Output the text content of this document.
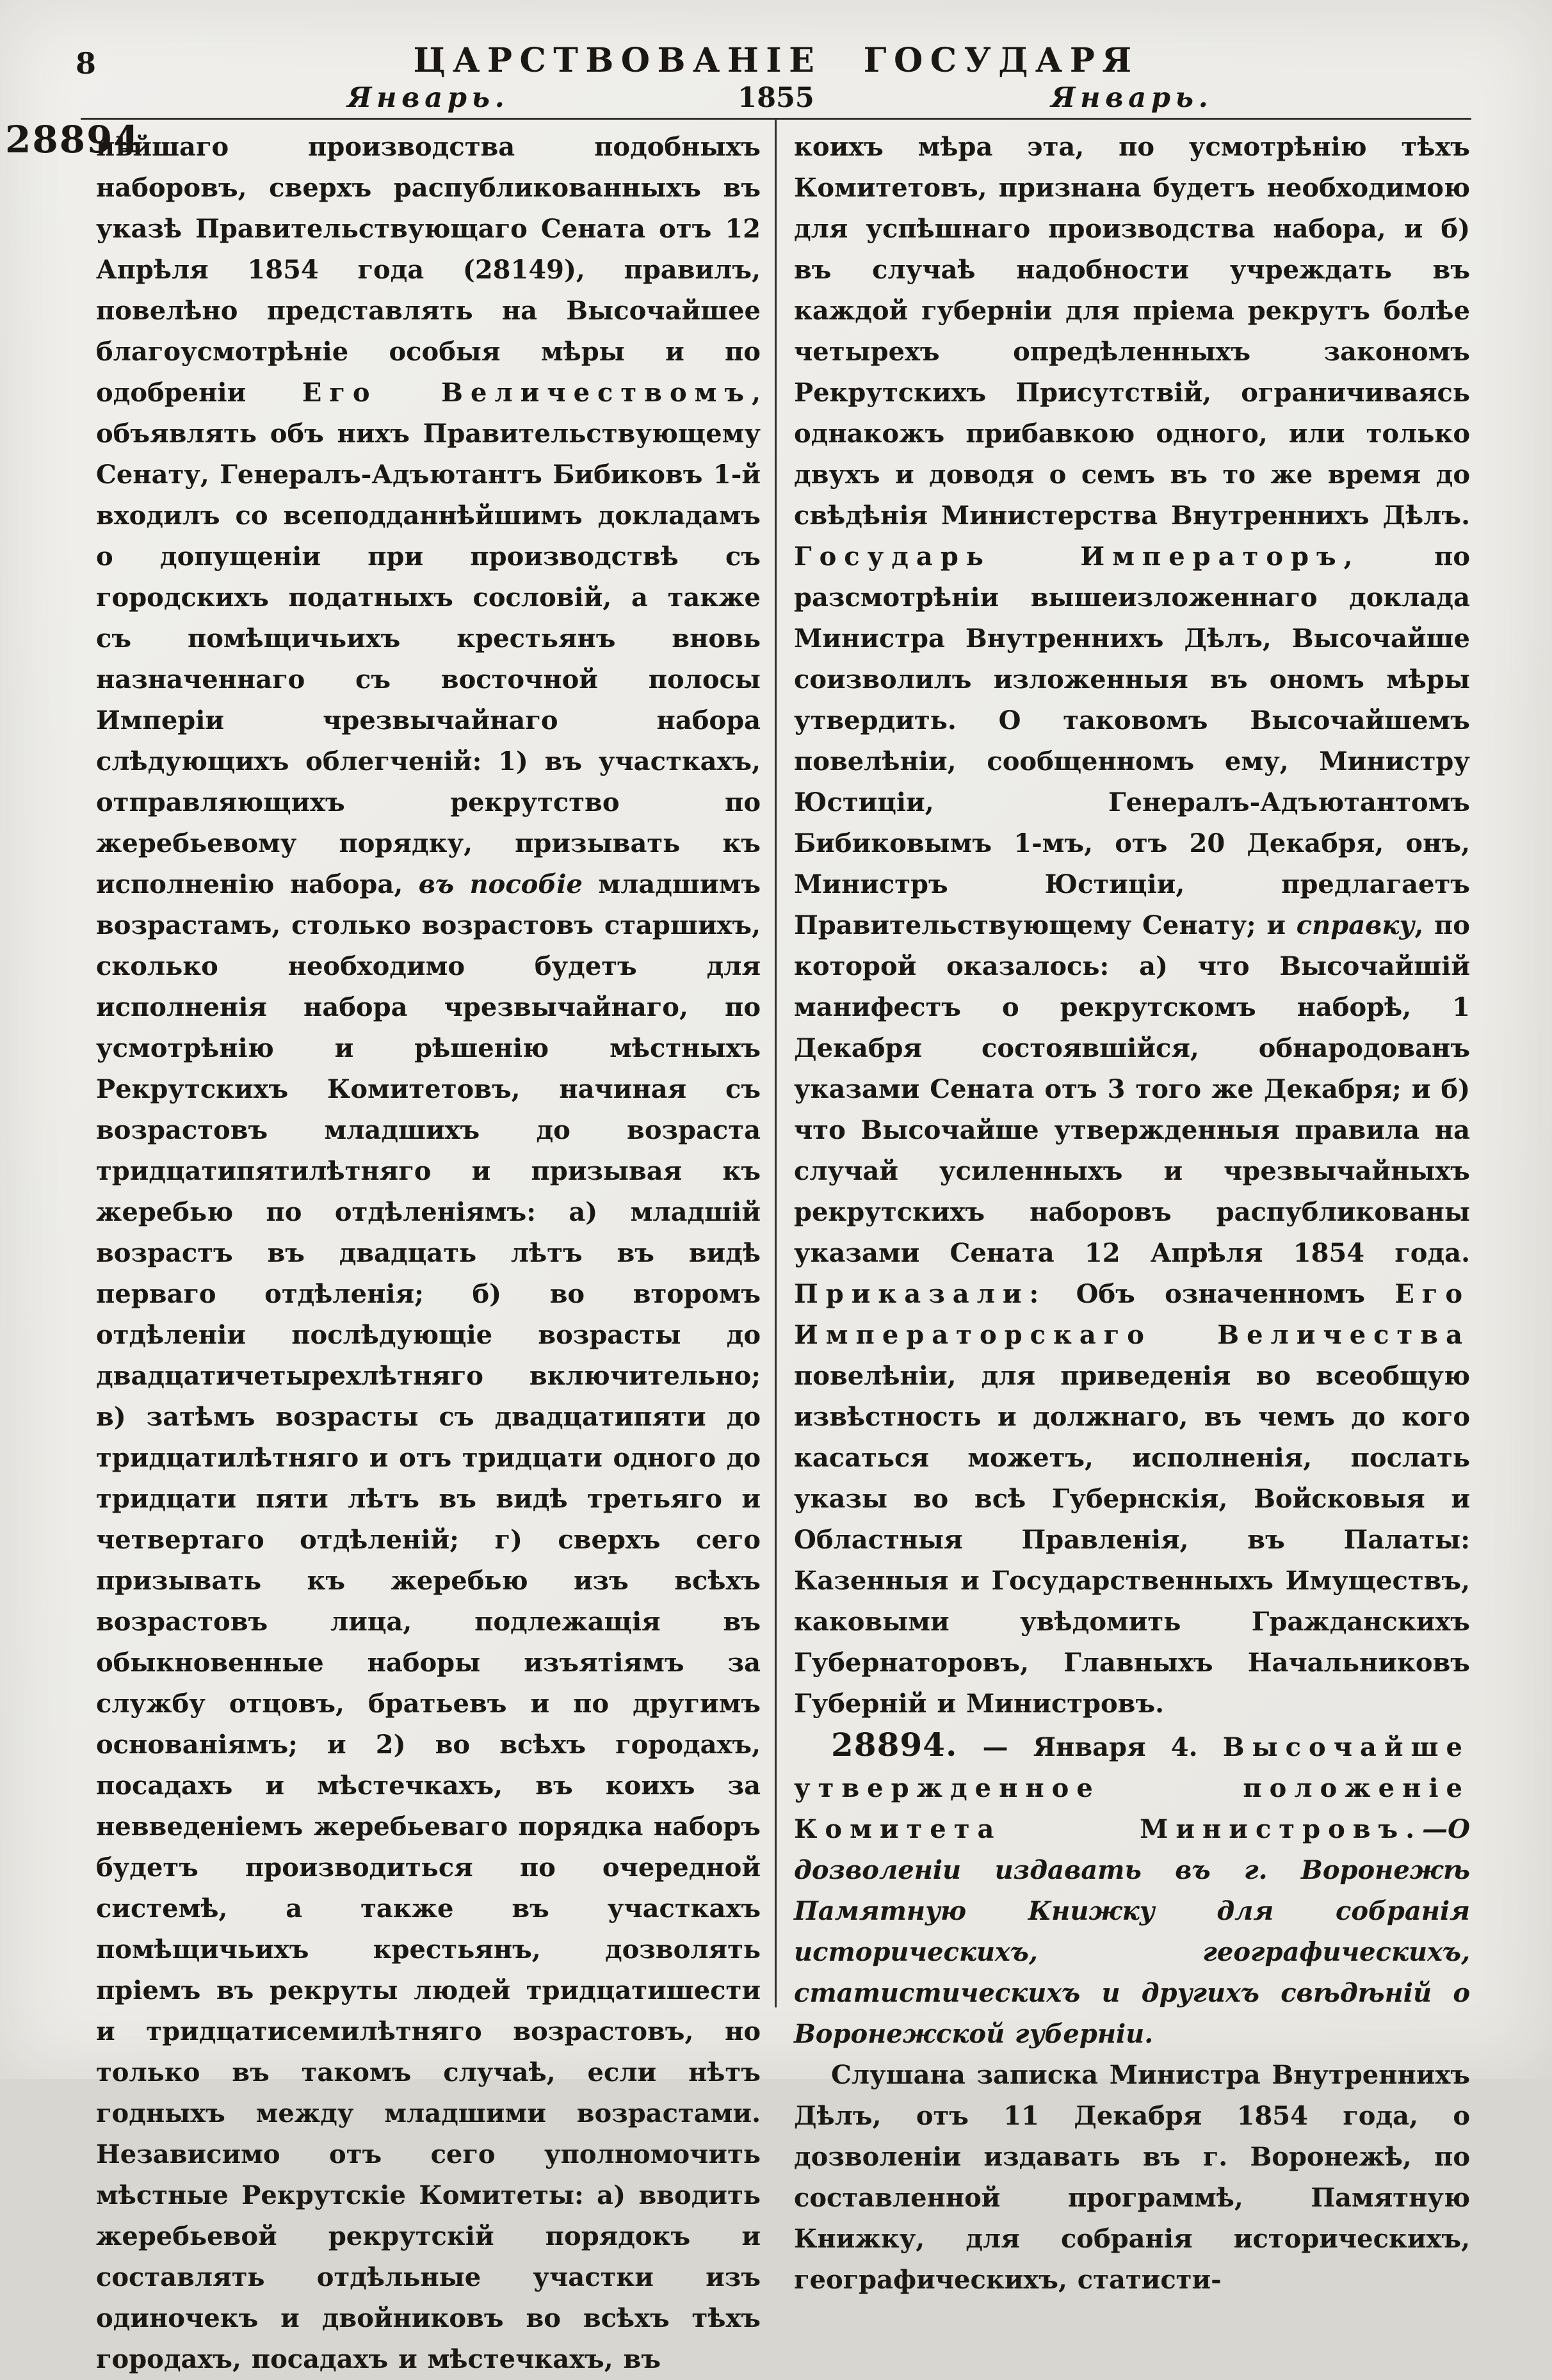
8	ЦАРСТВОВАНІЕ ГОСУДАРЯ
Январь.	1855	Январь.
28894

нѣйшаго производства подобныхъ наборовъ, сверхъ распубликованныхъ въ указѣ Правительствующаго Сената отъ 12 Апрѣля 1854 года (28149), правилъ, повелѣно представлять на Высочайшее благоусмотрѣніе особыя мѣры и по одобреніи Его Величествомъ, объявлять объ нихъ Правительствующему Сенату, Генералъ-Адъютантъ Бибиковъ 1-й входилъ со всеподданнѣйшимъ докладамъ о допущеніи при производствѣ съ городскихъ податныхъ сословій, а также съ помѣщичьихъ крестьянъ вновь назначеннаго съ восточной полосы Имперіи чрезвычайнаго набора слѣдующихъ облегченій: 1) въ участкахъ, отправляющихъ рекрутство по жеребьевому порядку, призывать къ исполненію набора, въ пособіе младшимъ возрастамъ, столько возрастовъ старшихъ, сколько необходимо будетъ для исполненія набора чрезвычайнаго, по усмотрѣнію и рѣшенію мѣстныхъ Рекрутскихъ Комитетовъ, начиная съ возрастовъ младшихъ до возраста тридцатипятилѣтняго и призывая къ жеребью по отдѣленіямъ: а) младшій возрастъ въ двадцать лѣтъ въ видѣ перваго отдѣленія; б) во второмъ отдѣленіи послѣдующіе возрасты до двадцатичетырехлѣтняго включительно; в) затѣмъ возрасты съ двадцатипяти до тридцатилѣтняго и отъ тридцати одного до тридцати пяти лѣтъ въ видѣ третьяго и четвертаго отдѣленій; г) сверхъ сего призывать къ жеребью изъ всѣхъ возрастовъ лица, подлежащія въ обыкновенные наборы изъятіямъ за службу отцовъ, братьевъ и по другимъ основаніямъ; и 2) во всѣхъ городахъ, посадахъ и мѣстечкахъ, въ коихъ за невведеніемъ жеребьеваго порядка наборъ будетъ производиться по очередной системѣ, а также въ участкахъ помѣщичьихъ крестьянъ, дозволять пріемъ въ рекруты людей тридцатишести и тридцатисемилѣтняго возрастовъ, но только въ такомъ случаѣ, если нѣтъ годныхъ между младшими возрастами. Независимо отъ сего уполномочить мѣстные Рекрутскіе Комитеты: а) вводить жеребьевой рекрутскій порядокъ и составлять отдѣльные участки изъ одиночекъ и двойниковъ во всѣхъ тѣхъ городахъ, посадахъ и мѣстечкахъ, въ

коихъ мѣра эта, по усмотрѣнію тѣхъ Комитетовъ, признана будетъ необходимою для успѣшнаго производства набора, и б) въ случаѣ надобности учреждать въ каждой губерніи для пріема рекрутъ болѣе четырехъ опредѣленныхъ закономъ Рекрутскихъ Присутствій, ограничиваясь однакожъ прибавкою одного, или только двухъ и доводя о семъ въ то же время до свѣдѣнія Министерства Внутреннихъ Дѣлъ. Государь Императоръ, по разсмотрѣніи вышеизложеннаго доклада Министра Внутреннихъ Дѣлъ, Высочайше соизволилъ изложенныя въ ономъ мѣры утвердить. О таковомъ Высочайшемъ повелѣніи, сообщенномъ ему, Министру Юстиціи, Генералъ-Адъютантомъ Бибиковымъ 1-мъ, отъ 20 Декабря, онъ, Министръ Юстиціи, предлагаетъ Правительствующему Сенату; и справку, по которой оказалось: а) что Высочайшій манифестъ о рекрутскомъ наборѣ, 1 Декабря состоявшійся, обнародованъ указами Сената отъ 3 того же Декабря; и б) что Высочайше утвержденныя правила на случай усиленныхъ и чрезвычайныхъ рекрутскихъ наборовъ распубликованы указами Сената 12 Апрѣля 1854 года. Приказали: Объ означенномъ Его Императорскаго Величества повелѣніи, для приведенія во всеобщую извѣстность и должнаго, въ чемъ до кого касаться можетъ, исполненія, послать указы во всѣ Губернскія, Войсковыя и Областныя Правленія, въ Палаты: Казенныя и Государственныхъ Имуществъ, каковыми увѣдомить Гражданскихъ Губернаторовъ, Главныхъ Начальниковъ Губерній и Министровъ.

28894. — Января 4. Высочайше утвержденное положеніе Комитета Министровъ.—О дозволеніи издавать въ г. Воронежѣ Памятную Книжку для собранія историческихъ, географическихъ, статистическихъ и другихъ свѣдѣній о Воронежской губерніи.

Слушана записка Министра Внутреннихъ Дѣлъ, отъ 11 Декабря 1854 года, о дозволеніи издавать въ г. Воронежѣ, по составленной программѣ, Памятную Книжку, для собранія историческихъ, географическихъ, статисти-
